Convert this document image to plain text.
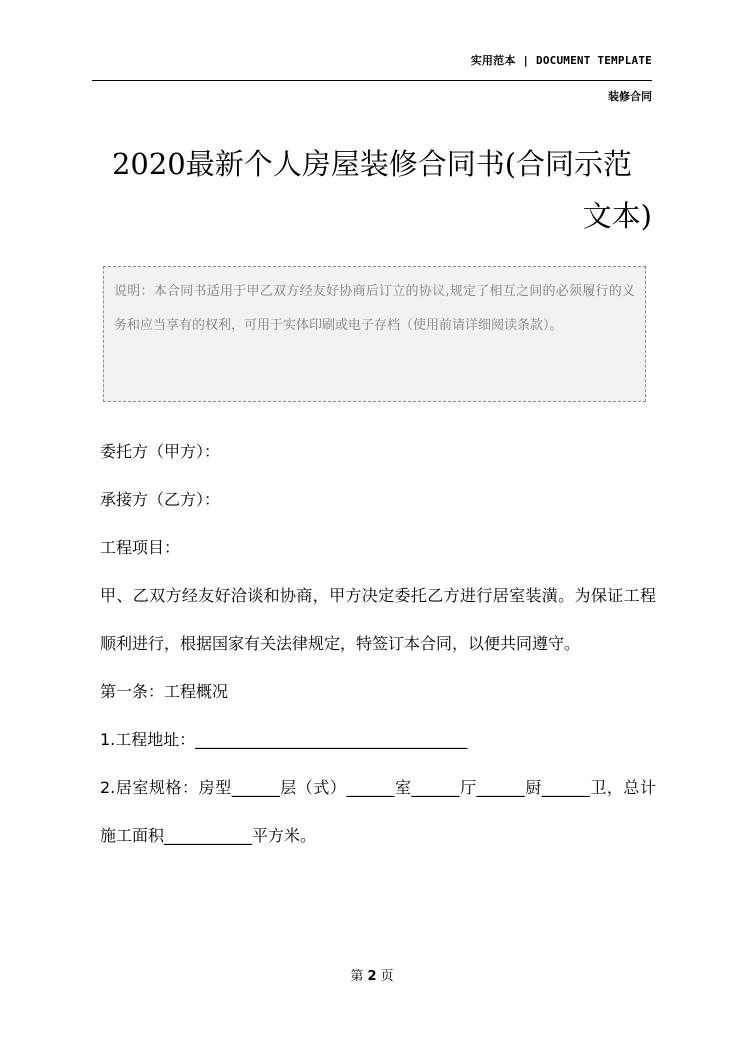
实用范本 | DOCUMENT TEMPLATE
装修合同
2020最新个人房屋装修合同书(合同示范
文本)
说明：本合同书适用于甲乙双方经友好协商后订立的协议,规定了相互之间的必须履行的义务和应当享有的权利，可用于实体印刷或电子存档（使用前请详细阅读条款）。

委托方（甲方）：

承接方（乙方）：

工程项目：

甲、乙双方经友好洽谈和协商，甲方决定委托乙方进行居室装潢。为保证工程顺利进行，根据国家有关法律规定，特签订本合同，以便共同遵守。

第一条：工程概况

1.工程地址：__________________________________

2.居室规格：房型______层（式）______室______厅______厨______卫，总计施工面积___________平方米。

第 2 页
